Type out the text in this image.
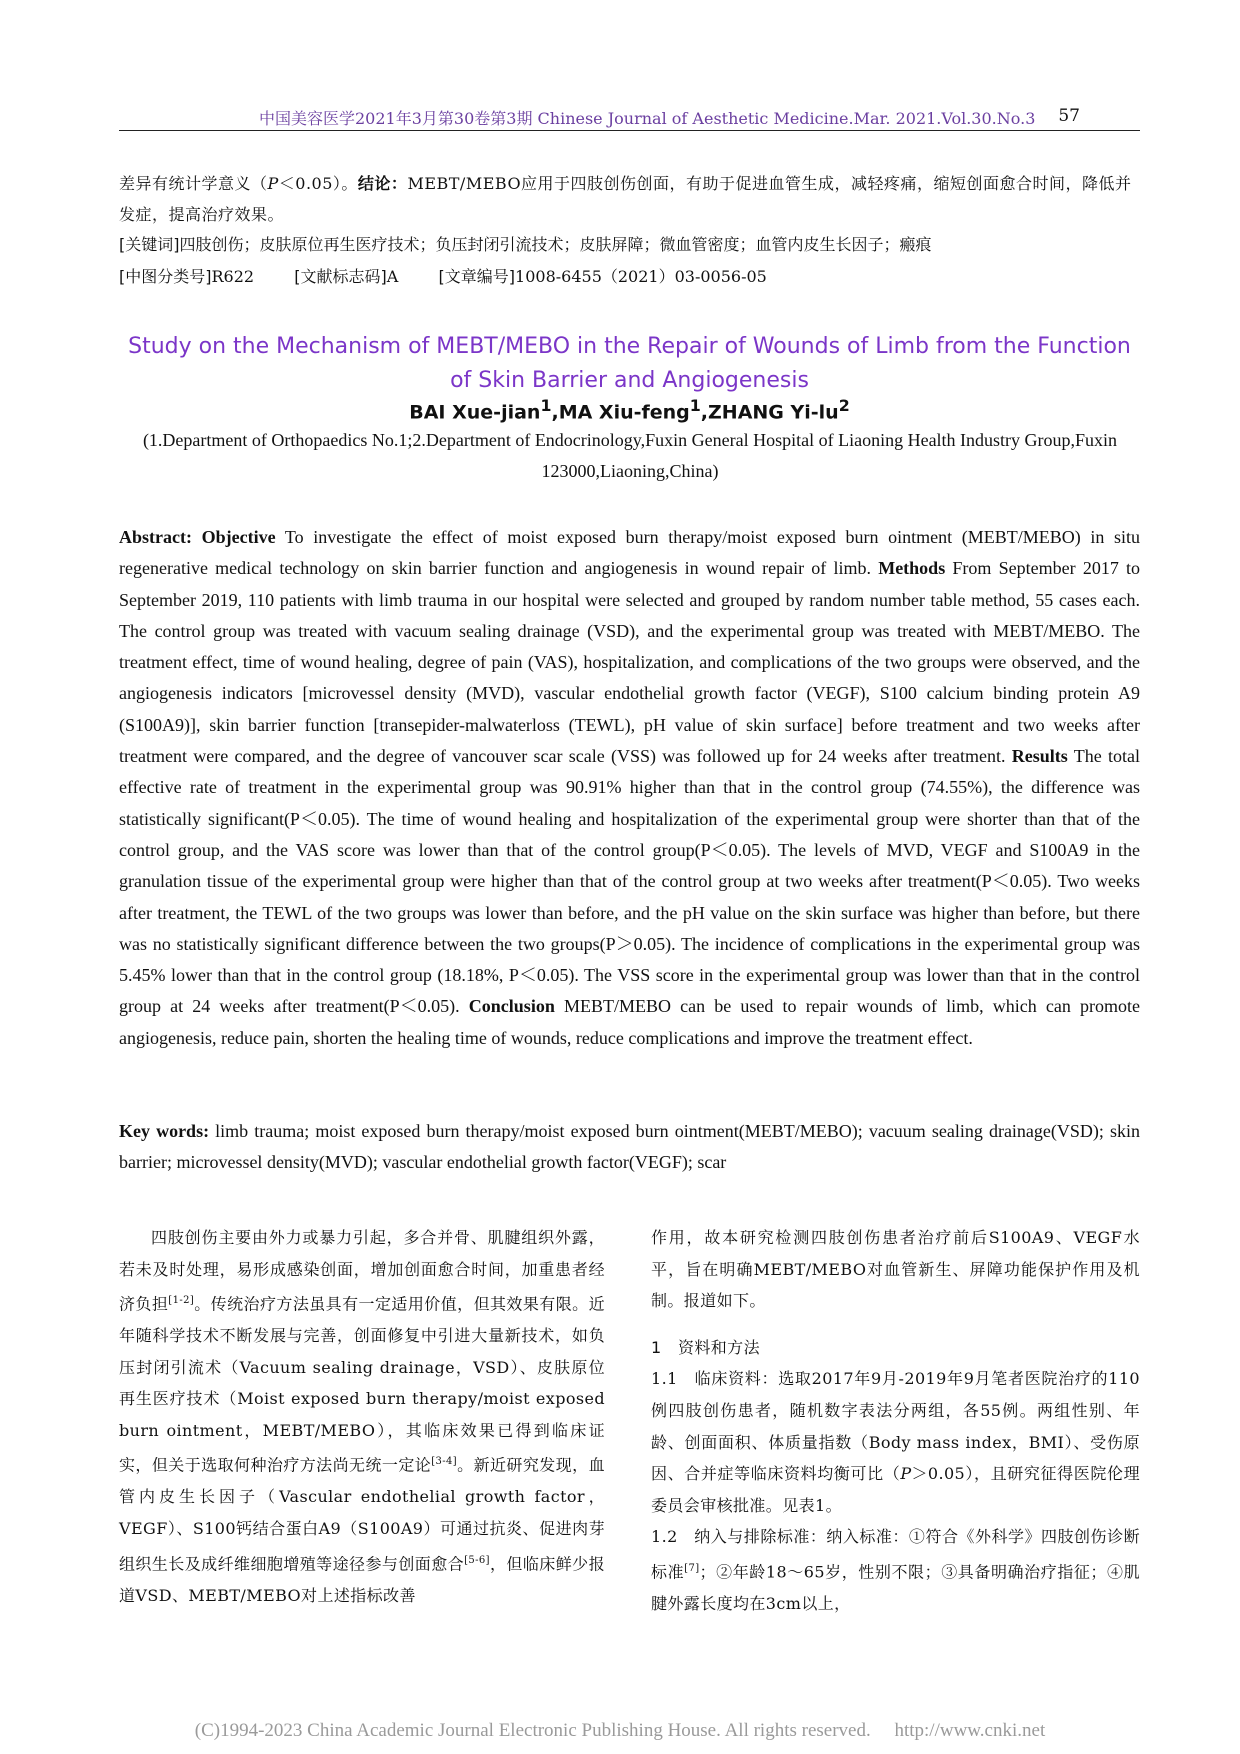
中国美容医学2021年3月第30卷第3期 Chinese Journal of Aesthetic Medicine.Mar. 2021.Vol.30.No.3 57
差异有统计学意义（P＜0.05）。结论：MEBT/MEBO应用于四肢创伤创面，有助于促进血管生成，减轻疼痛，缩短创面愈合时间，降低并发症，提高治疗效果。
[关键词]四肢创伤；皮肤原位再生医疗技术；负压封闭引流技术；皮肤屏障；微血管密度；血管内皮生长因子；瘢痕
[中图分类号]R622	[文献标志码]A	[文章编号]1008-6455（2021）03-0056-05
Study on the Mechanism of MEBT/MEBO in the Repair of Wounds of Limb from the Function of Skin Barrier and Angiogenesis
BAI Xue-jian$^1$,MA Xiu-feng$^1$,ZHANG $Yi-lu^2$
(1.Department of Orthopaedics No.1;2.Department of Endocrinology,Fuxin General Hospital of Liaoning Health Industry Group,Fuxin 123000,Liaoning,China)
Abstract: Objective To investigate the effect of moist exposed burn therapy/moist exposed burn ointment (MEBT/MEBO) in situ regenerative medical technology on skin barrier function and angiogenesis in wound repair of limb. Methods From September 2017 to September 2019, 110 patients with limb trauma in our hospital were selected and grouped by random number table method, 55 cases each. The control group was treated with vacuum sealing drainage (VSD), and the experimental group was treated with MEBT/MEBO. The treatment effect, time of wound healing, degree of pain (VAS), hospitalization, and complications of the two groups were observed, and the angiogenesis indicators [microvessel density (MVD), vascular endothelial growth factor (VEGF), S100 calcium binding protein A9 (S100A9)], skin barrier function [transepider-malwaterloss (TEWL), pH value of skin surface] before treatment and two weeks after treatment were compared, and the degree of vancouver scar scale (VSS) was followed up for 24 weeks after treatment. Results The total effective rate of treatment in the experimental group was 90.91% higher than that in the control group (74.55%), the difference was statistically significant(P＜0.05). The time of wound healing and hospitalization of the experimental group were shorter than that of the control group, and the VAS score was lower than that of the control group(P＜0.05). The levels of MVD, VEGF and S100A9 in the granulation tissue of the experimental group were higher than that of the control group at two weeks after treatment(P＜0.05). Two weeks after treatment, the TEWL of the two groups was lower than before, and the pH value on the skin surface was higher than before, but there was no statistically significant difference between the two groups(P＞0.05). The incidence of complications in the experimental group was 5.45% lower than that in the control group (18.18%, P＜0.05). The VSS score in the experimental group was lower than that in the control group at 24 weeks after treatment(P＜0.05). Conclusion MEBT/MEBO can be used to repair wounds of limb, which can promote angiogenesis, reduce pain, shorten the healing time of wounds, reduce complications and improve the treatment effect.
Key words: limb trauma; moist exposed burn therapy/moist exposed burn ointment(MEBT/MEBO); vacuum sealing drainage(VSD); skin barrier; microvessel density(MVD); vascular endothelial growth factor(VEGF); scar

四肢创伤主要由外力或暴力引起，多合并骨、肌腱组织外露，若未及时处理，易形成感染创面，增加创面愈合时间，加重患者经济负担[1-2]。传统治疗方法虽具有一定适用价值，但其效果有限。近年随科学技术不断发展与完善，创面修复中引进大量新技术，如负压封闭引流术（Vacuum sealing drainage，VSD）、皮肤原位再生医疗技术（Moist exposed burn therapy/moist exposed burn ointment，MEBT/MEBO），其临床效果已得到临床证实，但关于选取何种治疗方法尚无统一定论[3-4]。新近研究发现，血管内皮生长因子（Vascular endothelial growth factor，VEGF）、S100钙结合蛋白A9（S100A9）可通过抗炎、促进肉芽组织生长及成纤维细胞增殖等途径参与创面愈合[5-6]，但临床鲜少报道VSD、MEBT/MEBO对上述指标改善

作用，故本研究检测四肢创伤患者治疗前后S100A9、VEGF水平，旨在明确MEBT/MEBO对血管新生、屏障功能保护作用及机制。报道如下。

1　资料和方法

1.1　临床资料：选取2017年9月-2019年9月笔者医院治疗的110例四肢创伤患者，随机数字表法分两组，各55例。两组性别、年龄、创面面积、体质量指数（Body mass index，BMI）、受伤原因、合并症等临床资料均衡可比（P＞0.05），且研究征得医院伦理委员会审核批准。见表1。

1.2　纳入与排除标准：纳入标准：①符合《外科学》四肢创伤诊断标准[7]；②年龄18～65岁，性别不限；③具备明确治疗指征；④肌腱外露长度均在3cm以上，

(C)1994-2023 China Academic Journal Electronic Publishing House. All rights reserved.　 http://www.cnki.net
